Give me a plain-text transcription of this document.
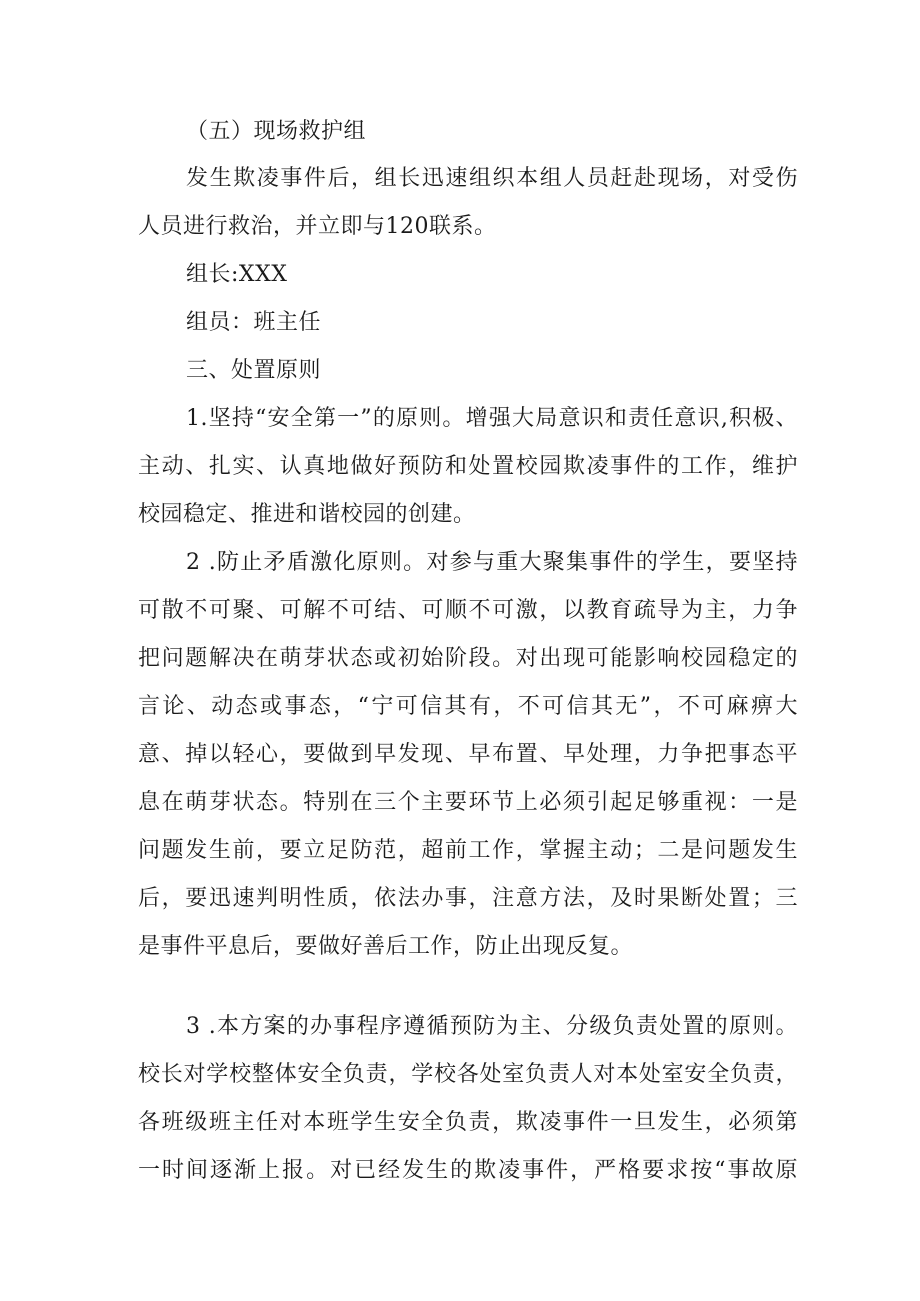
（五）现场救护组
发生欺凌事件后，组长迅速组织本组人员赶赴现场，对受伤
人员进行救治，并立即与120联系。
组长:XXX
组员：班主任
三、处置原则
1.坚持“安全第一”的原则。增强大局意识和责任意识,积极、
主动、扎实、认真地做好预防和处置校园欺凌事件的工作，维护
校园稳定、推进和谐校园的创建。
2 .防止矛盾激化原则。对参与重大聚集事件的学生，要坚持
可散不可聚、可解不可结、可顺不可激，以教育疏导为主，力争
把问题解决在萌芽状态或初始阶段。对出现可能影响校园稳定的
言论、动态或事态，“宁可信其有，不可信其无”，不可麻痹大
意、掉以轻心，要做到早发现、早布置、早处理，力争把事态平
息在萌芽状态。特别在三个主要环节上必须引起足够重视：一是
问题发生前，要立足防范，超前工作，掌握主动；二是问题发生
后，要迅速判明性质，依法办事，注意方法，及时果断处置；三
是事件平息后，要做好善后工作，防止出现反复。
3 .本方案的办事程序遵循预防为主、分级负责处置的原则。
校长对学校整体安全负责，学校各处室负责人对本处室安全负责，
各班级班主任对本班学生安全负责，欺凌事件一旦发生，必须第
一时间逐渐上报。对已经发生的欺凌事件，严格要求按“事故原
